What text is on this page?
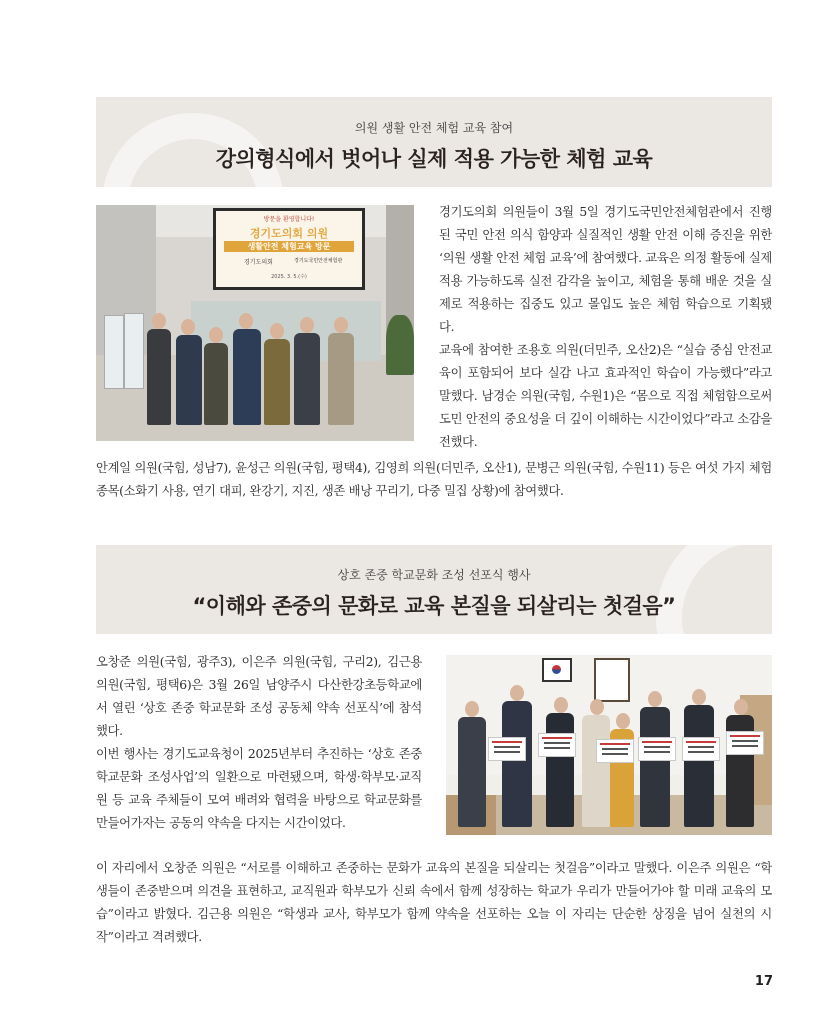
의원 생활 안전 체험 교육 참여
강의형식에서 벗어나 실제 적용 가능한 체험 교육
방문을 환영합니다!
경기도의회 의원
생활안전 체험교육 방문
경기도의회	경기도국민안전체험관
2025. 3. 5.(수)

경기도의회 의원들이 3월 5일 경기도국민안전체험관에서 진행된 국민 안전 의식 함양과 실질적인 생활 안전 이해 증진을 위한 ‘의원 생활 안전 체험 교육’에 참여했다. 교육은 의정 활동에 실제 적용 가능하도록 실전 감각을 높이고, 체험을 통해 배운 것을 실제로 적용하는 집중도 있고 몰입도 높은 체험 학습으로 기획됐다.

교육에 참여한 조용호 의원(더민주, 오산2)은 “실습 중심 안전교육이 포함되어 보다 실감 나고 효과적인 학습이 가능했다”라고 말했다. 남경순 의원(국힘, 수원1)은 “몸으로 직접 체험함으로써 도민 안전의 중요성을 더 깊이 이해하는 시간이었다”라고 소감을 전했다.

안계일 의원(국힘, 성남7), 윤성근 의원(국힘, 평택4), 김영희 의원(더민주, 오산1), 문병근 의원(국힘, 수원11) 등은 여섯 가지 체험 종목(소화기 사용, 연기 대피, 완강기, 지진, 생존 배낭 꾸리기, 다중 밀집 상황)에 참여했다.

상호 존중 학교문화 조성 선포식 행사
“이해와 존중의 문화로 교육 본질을 되살리는 첫걸음”

오창준 의원(국힘, 광주3), 이은주 의원(국힘, 구리2), 김근용 의원(국힘, 평택6)은 3월 26일 남양주시 다산한강초등학교에서 열린 ‘상호 존중 학교문화 조성 공동체 약속 선포식’에 참석했다.

이번 행사는 경기도교육청이 2025년부터 추진하는 ‘상호 존중 학교문화 조성사업’의 일환으로 마련됐으며, 학생·학부모·교직원 등 교육 주체들이 모여 배려와 협력을 바탕으로 학교문화를 만들어가자는 공동의 약속을 다지는 시간이었다.

이 자리에서 오창준 의원은 “서로를 이해하고 존중하는 문화가 교육의 본질을 되살리는 첫걸음”이라고 말했다. 이은주 의원은 “학생들이 존중받으며 의견을 표현하고, 교직원과 학부모가 신뢰 속에서 함께 성장하는 학교가 우리가 만들어가야 할 미래 교육의 모습”이라고 밝혔다. 김근용 의원은 “학생과 교사, 학부모가 함께 약속을 선포하는 오늘 이 자리는 단순한 상징을 넘어 실천의 시작”이라고 격려했다.

17
